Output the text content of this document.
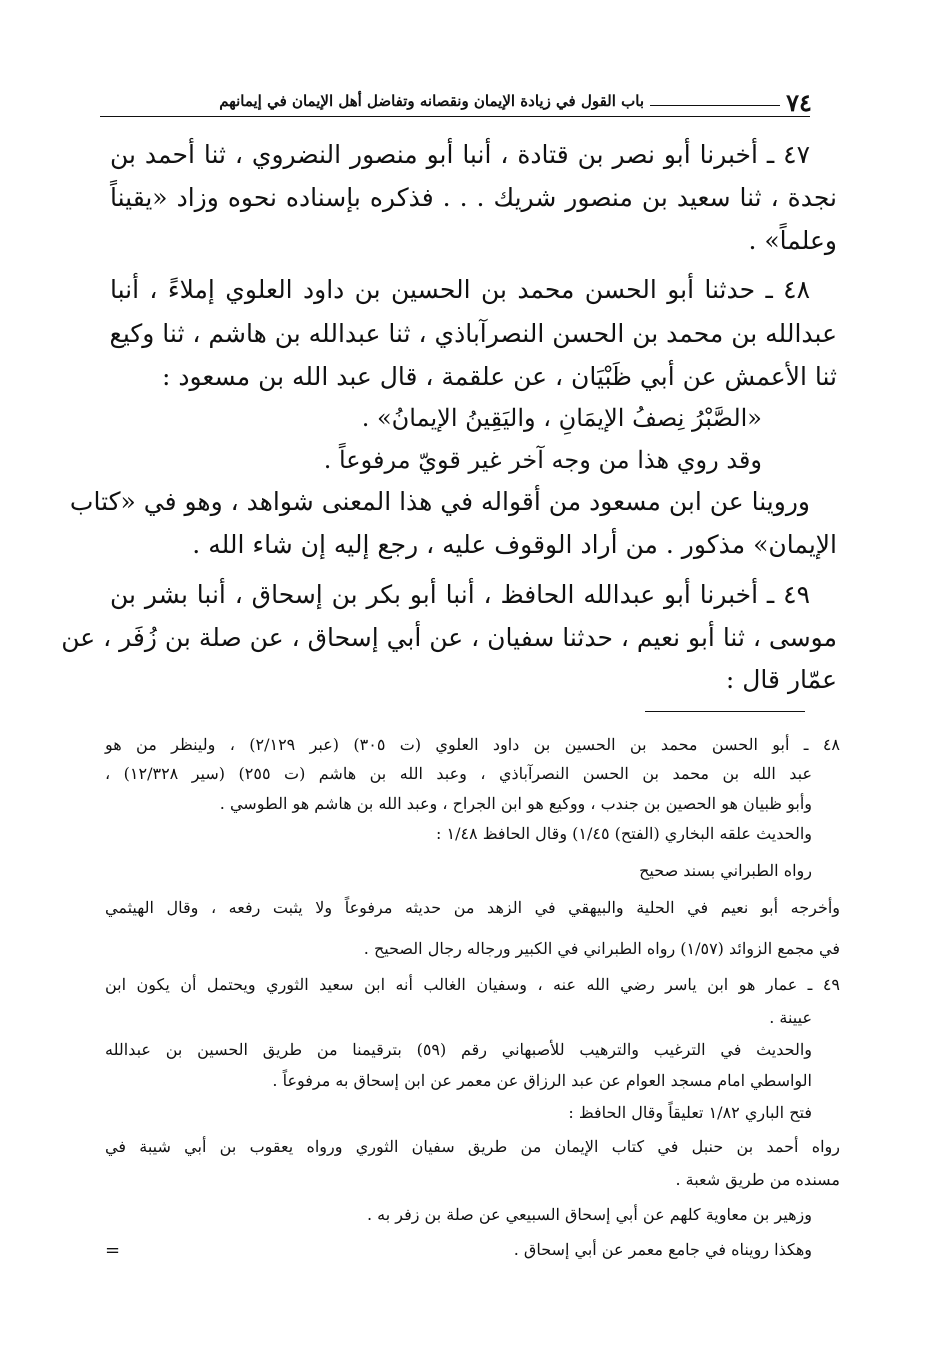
٧٤
باب القول في زيادة الإيمان ونقصانه وتفاضل أهل الإيمان في إيمانهم
٤٧ ـ أخبرنا أبو نصر بن قتادة ، أنبا أبو منصور النضروي ، ثنا أحمد بن
نجدة ، ثنا سعيد بن منصور شريك . . . فذكره بإسناده نحوه وزاد «يقيناً
وعلماً» .
٤٨ ـ حدثنا أبو الحسن محمد بن الحسين بن داود العلوي إملاءً ، أنبا
عبدالله بن محمد بن الحسن النصرآباذي ، ثنا عبدالله بن هاشم ، ثنا وكيع
ثنا الأعمش عن أبي ظَبْيَان ، عن علقمة ، قال عبد الله بن مسعود :
«الصَّبْرُ نِصفُ الإيمَانِ ، واليَقِينُ الإيمانُ» .
وقد روي هذا من وجه آخر غير قويّ مرفوعاً .
وروينا عن ابن مسعود من أقواله في هذا المعنى شواهد ، وهو في «كتاب
الإيمان» مذكور . من أراد الوقوف عليه ، رجع إليه إن شاء الله .
٤٩ ـ أخبرنا أبو عبدالله الحافظ ، أنبا أبو بكر بن إسحاق ، أنبا بشر بن
موسى ، ثنا أبو نعيم ، حدثنا سفيان ، عن أبي إسحاق ، عن صلة بن زُفَر ، عن
عمّار قال :
٤٨ ـ أبو الحسن محمد بن الحسين بن داود العلوي (ت ٣٠٥) (عبر ٢/١٢٩) ، ولينظر من هو
عبد الله بن محمد بن الحسن النصرآباذي ، وعبد الله بن هاشم (ت ٢٥٥) (سير ١٢/٣٢٨) ،
وأبو ظبيان هو الحصين بن جندب ، ووكيع هو ابن الجراح ، وعبد الله بن هاشم هو الطوسي .
والحديث علقه البخاري (الفتح) ١/٤٥) وقال الحافظ ١/٤٨ :
رواه الطبراني بسند صحيح
وأخرجه أبو نعيم في الحلية والبيهقي في الزهد من حديثه مرفوعاً ولا يثبت رفعه ، وقال الهيثمي
في مجمع الزوائد (١/٥٧) رواه الطبراني في الكبير ورجاله رجال الصحيح .
٤٩ ـ عمار هو ابن ياسر رضي الله عنه ، وسفيان الغالب أنه ابن سعيد الثوري ويحتمل أن يكون ابن
عيينة .
والحديث في الترغيب والترهيب للأصبهاني رقم (٥٩) بترقيمنا من طريق الحسين بن عبدالله
الواسطي امام مسجد العوام عن عبد الرزاق عن معمر عن ابن إسحاق به مرفوعاً .
فتح الباري ١/٨٢ تعليقاً وقال الحافظ :
رواه أحمد بن حنبل في كتاب الإيمان من طريق سفيان الثوري ورواه يعقوب بن أبي شيبة في
مسنده من طريق شعبة .
وزهير بن معاوية كلهم عن أبي إسحاق السبيعي عن صلة بن زفر به .
وهكذا رويناه في جامع معمر عن أبي إسحاق .
=
